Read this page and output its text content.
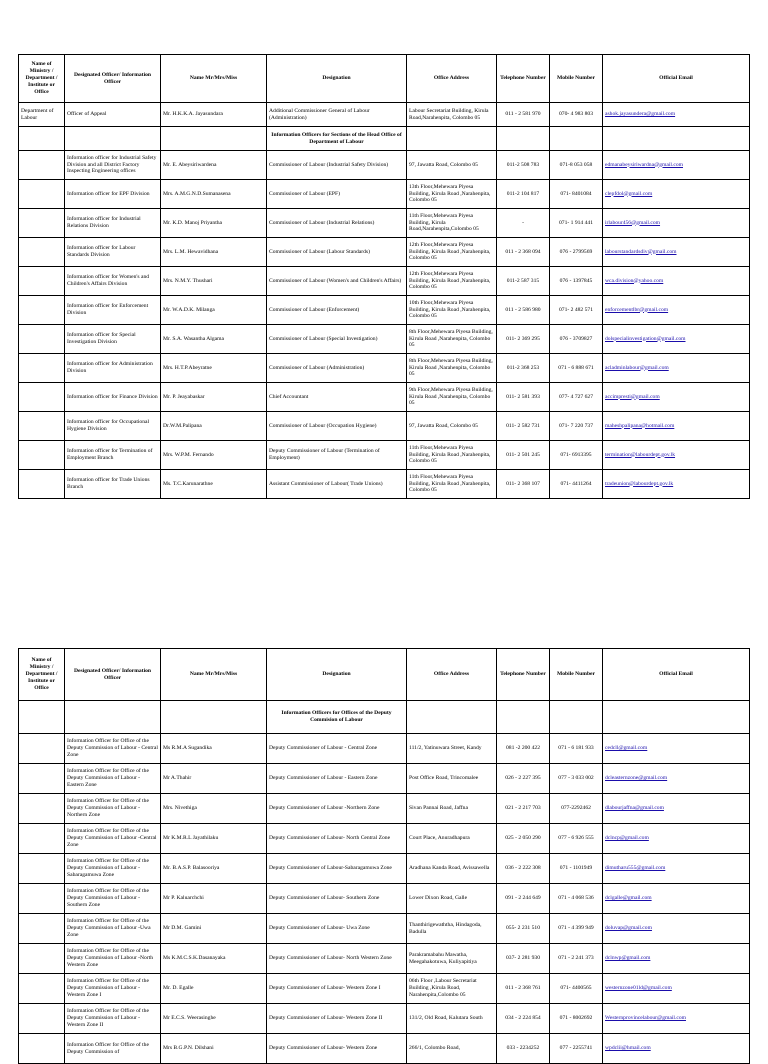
Name of Ministry / Department / Institute or Office	Designated Officer/ Information Officer	Name Mr/Mrs/Miss	Designation	Office Address	Telephone Number	Mobile Number	Official Email
Department of Labour	Officer of Appeal	Mr. H.K.K.A. Jayasundara	Additional Commissioner General of Labour (Administration)	Labour Secretariat Building, Kirula Road,Narahenpita, Colombo 05	011 - 2 581 970	070- 4 983 803	ashok.jayasundera@gmail.com
			Information Officers for Sections of the Head Office of Department of Labour				
	Information officer for Industrial Safety Division and all District Factory Inspecting Engineering offices	Mr. E. Abeysiriwardena	Commissioner of Labour (Industrial Safety Division)	97, Jawatta Road, Colombo 05	011-2 508 783	071-8 053 058	edmanabeysiriwardna@gmail.com
	Information officer for EPF Division	Mrs. A.M.G.N.D.Sumanasena	Commissioner of Labour (EPF)	13th Floor,Mehewara Piyesa Building, Kirula Road ,Narahenpita, Colombo 05	011-2 104 817	071- 8401084	clepfdol@gmail.com
	Information officer for Industrial Relations Division	Mr. K.D. Manoj Priyantha	Commissioner of Labour (Industrial Relations)	11th Floor,Mehewara Piyesa Building, Kirula Road,Narahenpita,Colombo 05	-	071- 1 914 441	irlabour456@gmail.com
	Information officer for Labour Standards Division	Mrs. L.M. Hewavidhana	Commissioner of Labour (Labour Standards)	12th Floor,Mehewara Piyesa Building, Kirula Road ,Narahenpita, Colombo 05	011 - 2 368 094	076 - 2799569	labourstandardsdiv@gmail.com
	Information officer for Women's and Children's Affairs Division	Mrs. N.M.Y. Thushari	Commissioner of Labour (Women's and Children's Affairs)	12th Floor,Mehewara Piyesa Building, Kirula Road ,Narahenpita, Colombo 05	011-2 587 315	076 - 1397845	wca.division@yahoo.com
	Information officer for Enforcement Division	Mr. W.A.D.K. Milanga	Commissioner of Labour (Enforcement)	10th Floor,Mehewara Piyesa Building, Kirula Road ,Narahenpita, Colombo 05	011 - 2 586 980	071- 2 482 571	enforcementlbr@gmail.com
	Information officer for Special Investigation Division	Mr. S.A. Wasantha Algama	Commissioner of Labour (Special Investigation)	8th Floor,Mehewara Piyesa Building, Kirula Road ,Narahenpita, Colombo 05	011- 2 369 295	076 - 3709827	dolspecialinvestigation@gmail.com
	Information officer for Administration Division	Mrs. H.T.P.Abeyratne	Commissioner of Labour (Administration)	8th Floor,Mehewara Piyesa Building, Kirula Road ,Narahenpita, Colombo 05	011-2 368 253	071 - 6 888 671	acladminlabour@gmail.com
	Information officer for Finance Division	Mr. P. Jeayabaskar	Chief Accountant	9th Floor,Mehewara Piyesa Building, Kirula Road ,Narahenpita, Colombo 05	011- 2 581 393	077- 4 727 627	accimpresti@gmail.com
	Information officer for Occupational Hygiene Division	Dr.W.M.Palipana	Commissioner of Labour (Occupation Hygiene)	97, Jawatta Road, Colombo 05	011- 2 582 731	071- 7 220 737	maheshpalipana@hotmail.com
	Information officer for Termination of Employment Branch	Mrs. W.P.M. Fernando	Deputy Commissioner of Labour (Termination of Employment)	11th Floor,Mehewara Piyesa Building, Kirula Road ,Narahenpita, Colombo 05	011- 2 501 245	071- 6913395	termination@labourdept.gov.lk
	Information officer for Trade Unions Branch	Ms. T.C.Karunarathne	Assistant Commissioner of Labour( Trade Unions)	11th Floor,Mehewara Piyesa Building, Kirula Road ,Narahenpita, Colombo 05	011- 2 368 107	071- 4411264	tradeunion@labourdept.gov.lk
Name of Ministry / Department / Institute or Office	Designated Officer/ Information Officer	Name Mr/Mrs/Miss	Designation	Office Address	Telephone Number	Mobile Number	Official Email
			Information Officers for Offices of the Deputy Commision of Labour				
	Information Officer for Office of the Deputy Commission of Labour - Central Zone	Ms R.M.A Sugandika	Deputy Commissioner of Labour - Central Zone	111/2, Yatinuwara Street, Kandy	081 -2 200 422	071 - 6 181 933	cedcll@gmail.com
	Information Officer for Office of the Deputy Commission of Labour - Eastern Zone	Mr A.Thahir	Deputy Commissioner of Labour - Eastern Zone	Post Office Road, Trincomalee	026 - 2 227 395	077 - 3 033 002	dcleasternzone@gmail.com
	Information Officer for Office of the Deputy Commission of Labour - Northern Zone	Mrs. Nivethiga	Deputy Commissioner of Labour -Northern Zone	Sivan Pannai Road, Jaffna	021 - 2 217 703	077-2292462	dlabourjaffna@gmail.com
	Information Officer for Office of the Deputy Commission of Labour -Central Zone	Mr K.M.R.L Jayathilaku	Deputy Commissioner of Labour- North Central Zone	Court Place, Anuradhapura	025 - 2 050 290	077 - 6 926 555	dclncp@gmail.com
	Information Officer for Office of the Deputy Commission of Labour -Sabaragamuwa Zone	Mr. B.A.S.P. Balasooriya	Deputy Commissioner of Labour-Sabaragamuwa Zone	Aradhana Kanda Road, Avissawella	036 - 2 222 308	071 - 1101949	dimutharu555@gmail.com
	Information Officer for Office of the Deputy Commission of Labour -Southern Zone	Mr P. Kaluarchchi	Deputy Commissioner of Labour- Southern Zone	Lower Dixon Road, Galle	091 - 2 244 649	071 - 4 068 536	dclgalle@gmail.com
	Information Officer for Office of the Deputy Commission of Labour -Uwa Zone	Mr D.M. Gamini	Deputy Commissioner of Labour- Uwa Zone	Thanthirigewaththa, Hindagoda, Badulla	055- 2 231 510	071 - 4 399 949	doluvap@gmail.com
	Information Officer for Office of the Deputy Commission of Labour -North Western Zone	Ms K.M.C.S.K.Dasanayaka	Deputy Commissioner of Labour- North Western Zone	Parakramabahu Mawatha, Meegahakotuwa, Kuliyapitiya	037- 2 281 930	071 - 2 241 373	dclnwp@gmail.com
	Information Officer for Office of the Deputy Commission of Labour -Western Zone I	Mr. D. Egalle	Deputy Commissioner of Labour- Western Zone I	06th Floor ,Labour Secretariat Building ,Kirula Road, Narahenpita,Colombo 05	011 - 2 368 761	071- 4400565	westernzone01ld@gmail.com
	Information Officer for Office of the Deputy Commission of Labour - Western Zone II	Mr E.C.S. Weerasinghe	Deputy Commissioner of Labour- Western Zone II	131/2, Old Road, Kalutara South	034 - 2 224 854	071 - 8002692	Westernprovincelabour@gmail.com
	Information Officer for Office of the Deputy Commission of	Mrs B.G.P.N. Dilshani	Deputy Commissioner of Labour- Western Zone	266/1, Colombo Road,	033 - 2234252	077 - 2255741	wpdclii@hmail.com
